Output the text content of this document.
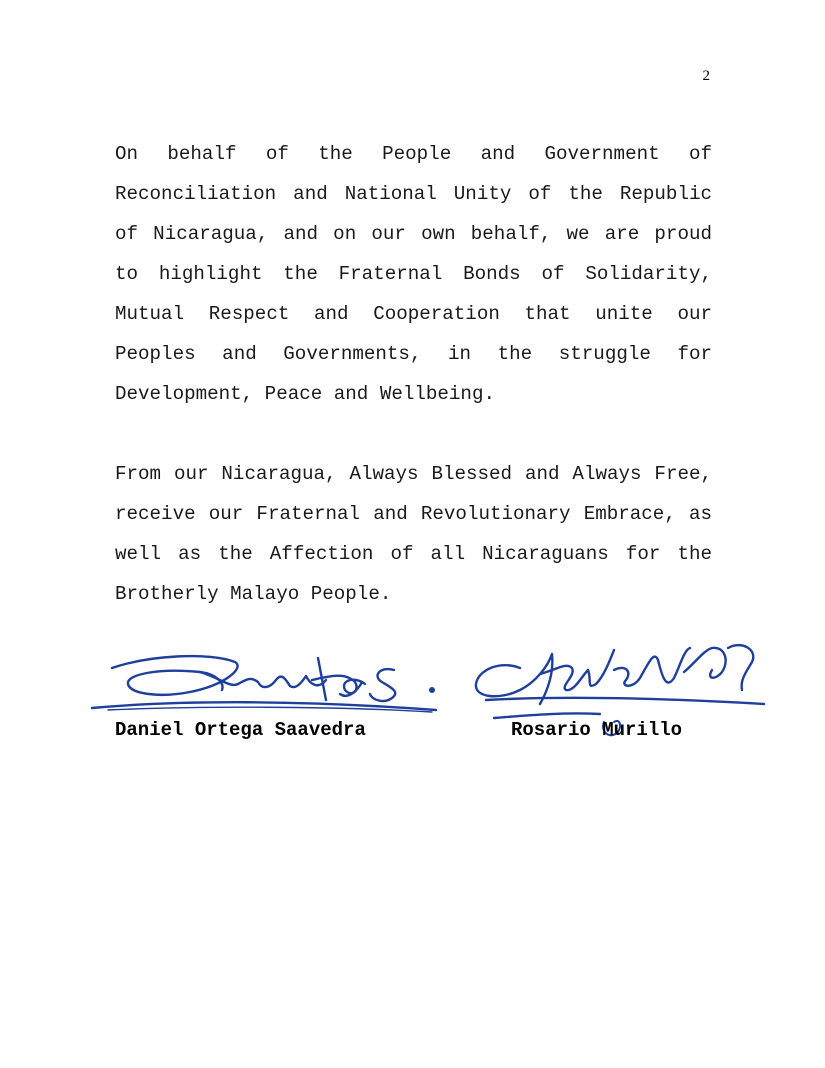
2

On behalf of the People and Government of Reconciliation and National Unity of the Republic of Nicaragua, and on our own behalf, we are proud to highlight the Fraternal Bonds of Solidarity, Mutual Respect and Cooperation that unite our Peoples and Governments, in the struggle for Development, Peace and Wellbeing.

From our Nicaragua, Always Blessed and Always Free, receive our Fraternal and Revolutionary Embrace, as well as the Affection of all Nicaraguans for the Brotherly Malayo People.

Daniel Ortega Saavedra	Rosario Murillo
